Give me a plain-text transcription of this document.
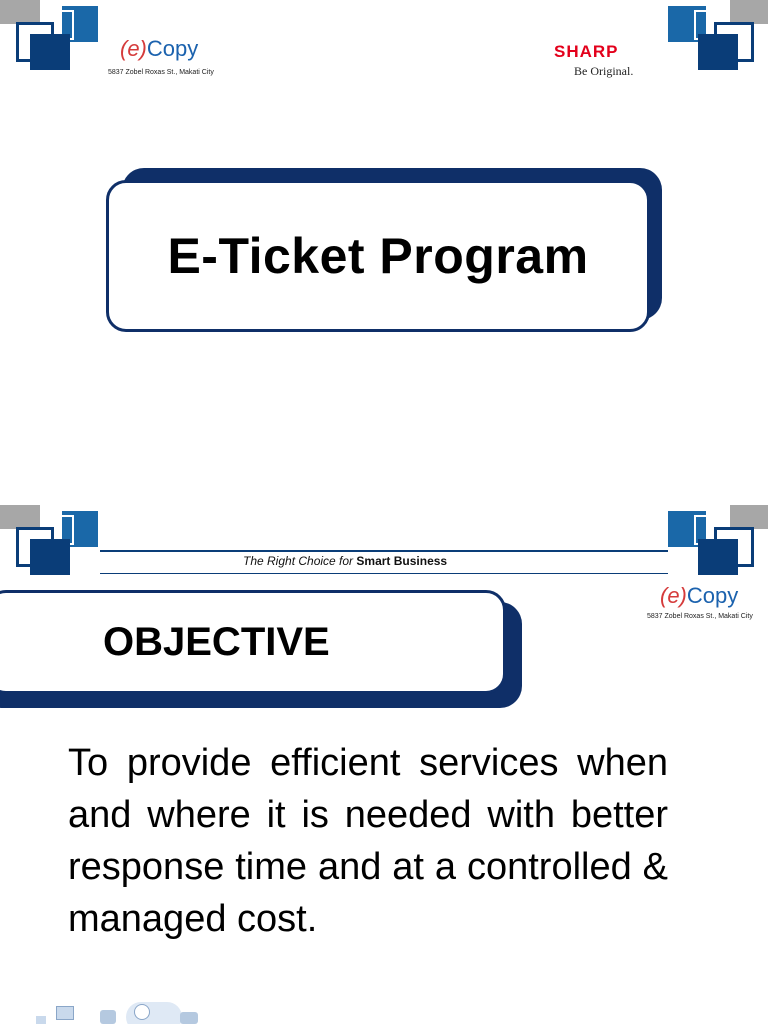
(e)Copy
5837 Zobel Roxas St., Makati City
SHARP
Be Original.
E-Ticket Program
The Right Choice for Smart Business
(e)Copy
5837 Zobel Roxas St., Makati City
OBJECTIVE
To provide efficient services when and where it is needed with better response time and at a controlled & managed cost.
